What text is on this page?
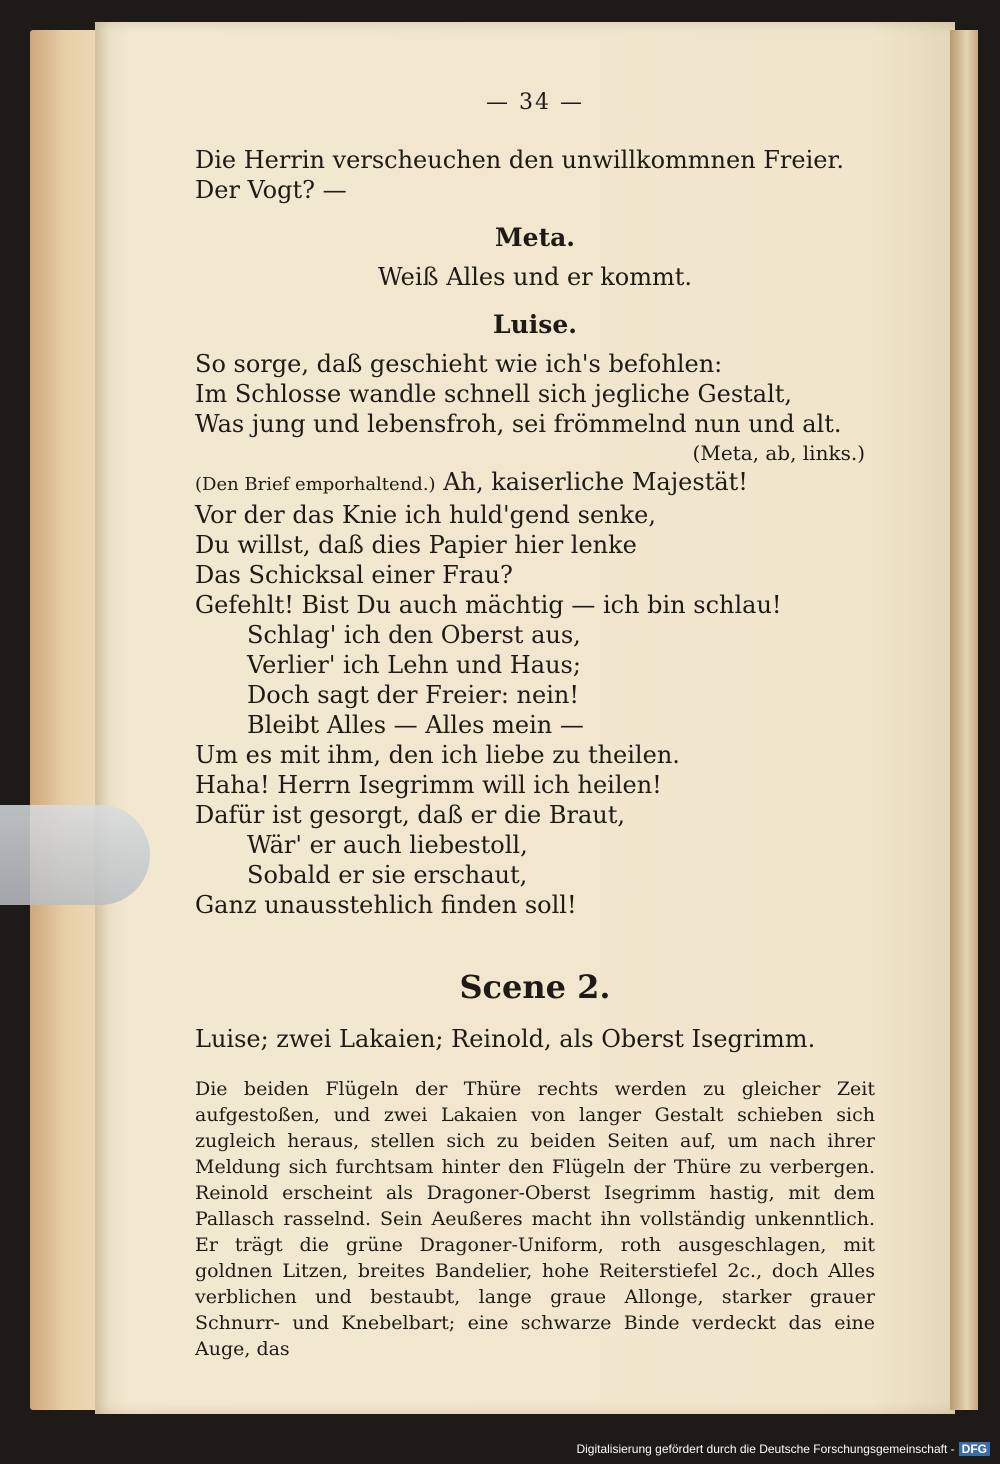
— 34 —
Die Herrin verscheuchen den unwillkommnen Freier.
Der Vogt? —
Meta.
Weiß Alles und er kommt.
Luise.
So sorge, daß geschieht wie ich's befohlen:
Im Schlosse wandle schnell sich jegliche Gestalt,
Was jung und lebensfroh, sei frömmelnd nun und alt.
(Meta, ab, links.)
(Den Brief emporhaltend.) Ah, kaiserliche Majestät!
Vor der das Knie ich huld'gend senke,
Du willst, daß dies Papier hier lenke
Das Schicksal einer Frau?
Gefehlt! Bist Du auch mächtig — ich bin schlau!
Schlag' ich den Oberst aus,
Verlier' ich Lehn und Haus;
Doch sagt der Freier: nein!
Bleibt Alles — Alles mein —
Um es mit ihm, den ich liebe zu theilen.
Haha! Herrn Isegrimm will ich heilen!
Dafür ist gesorgt, daß er die Braut,
Wär' er auch liebestoll,
Sobald er sie erschaut,
Ganz unausstehlich finden soll!
Scene 2.
Luise; zwei Lakaien; Reinold, als Oberst Isegrimm.
Die beiden Flügeln der Thüre rechts werden zu gleicher Zeit aufgestoßen, und zwei Lakaien von langer Gestalt schieben sich zugleich heraus, stellen sich zu beiden Seiten auf, um nach ihrer Meldung sich furchtsam hinter den Flügeln der Thüre zu verbergen. Reinold erscheint als Dragoner-Oberst Isegrimm hastig, mit dem Pallasch rasselnd. Sein Aeußeres macht ihn vollständig unkenntlich. Er trägt die grüne Dragoner-Uniform, roth ausgeschlagen, mit goldnen Litzen, breites Bandelier, hohe Reiterstiefel 2c., doch Alles verblichen und bestaubt, lange graue Allonge, starker grauer Schnurr- und Knebelbart; eine schwarze Binde verdeckt das eine Auge, das
Digitalisierung gefördert durch die Deutsche Forschungsgemeinschaft - DFG
